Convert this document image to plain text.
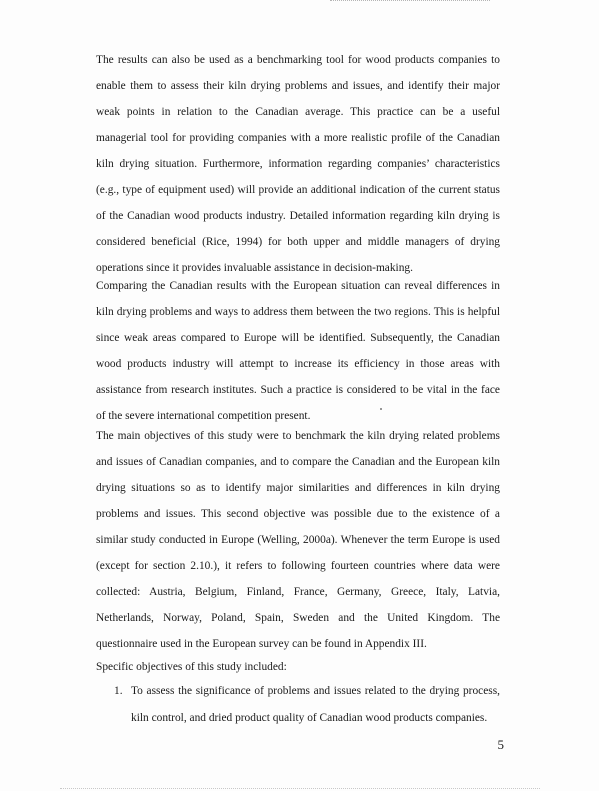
The results can also be used as a benchmarking tool for wood products companies to enable them to assess their kiln drying problems and issues, and identify their major weak points in relation to the Canadian average. This practice can be a useful managerial tool for providing companies with a more realistic profile of the Canadian kiln drying situation. Furthermore, information regarding companies’ characteristics (e.g., type of equipment used) will provide an additional indication of the current status of the Canadian wood products industry. Detailed information regarding kiln drying is considered beneficial (Rice, 1994) for both upper and middle managers of drying operations since it provides invaluable assistance in decision-making.

Comparing the Canadian results with the European situation can reveal differences in kiln drying problems and ways to address them between the two regions. This is helpful since weak areas compared to Europe will be identified. Subsequently, the Canadian wood products industry will attempt to increase its efficiency in those areas with assistance from research institutes. Such a practice is considered to be vital in the face of the severe international competition present.

The main objectives of this study were to benchmark the kiln drying related problems and issues of Canadian companies, and to compare the Canadian and the European kiln drying situations so as to identify major similarities and differences in kiln drying problems and issues. This second objective was possible due to the existence of a similar study conducted in Europe (Welling, 2000a). Whenever the term Europe is used (except for section 2.10.), it refers to following fourteen countries where data were collected: Austria, Belgium, Finland, France, Germany, Greece, Italy, Latvia, Netherlands, Norway, Poland, Spain, Sweden and the United Kingdom. The questionnaire used in the European survey can be found in Appendix III.

Specific objectives of this study included:

1. To assess the significance of problems and issues related to the drying process, kiln control, and dried product quality of Canadian wood products companies.
5
